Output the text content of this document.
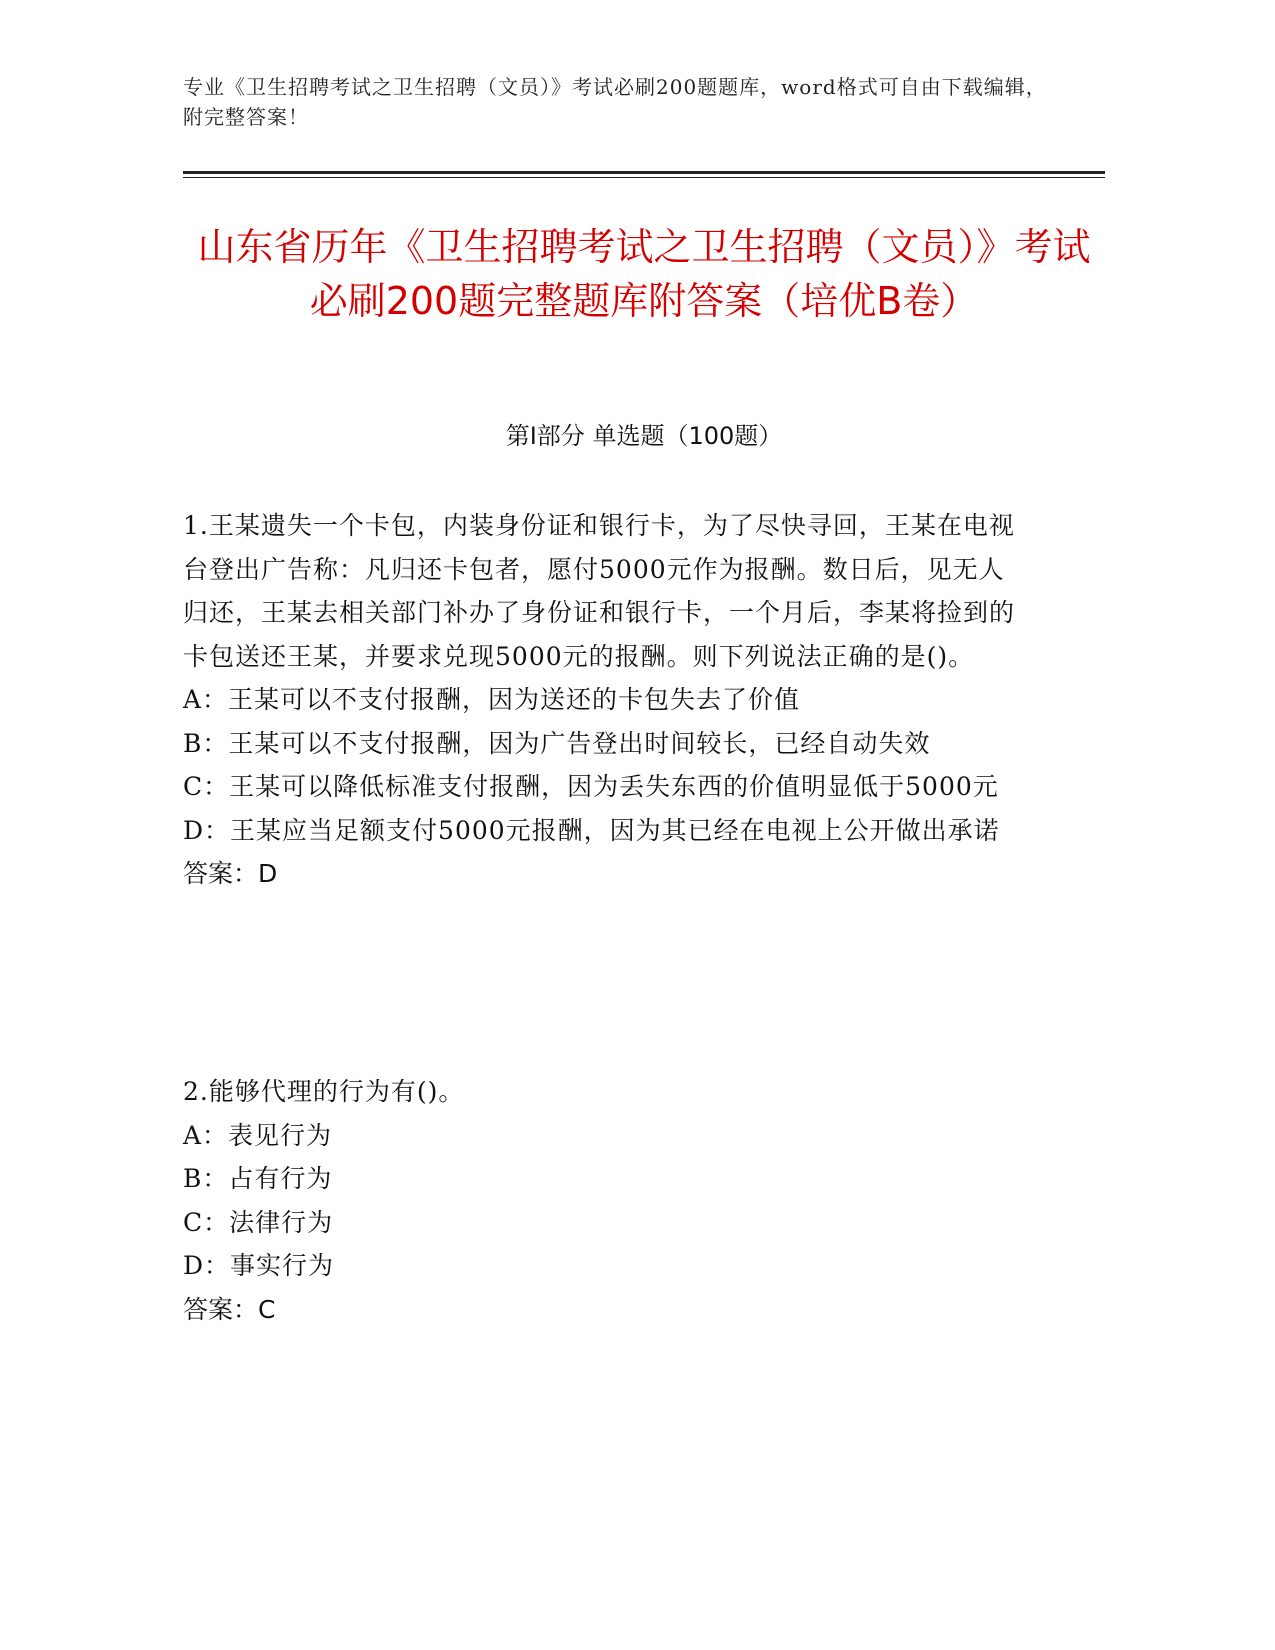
专业《卫生招聘考试之卫生招聘（文员）》考试必刷200题题库，word格式可自由下载编辑，附完整答案！
山东省历年《卫生招聘考试之卫生招聘（文员）》考试必刷200题完整题库附答案（培优B卷）
第I部分 单选题（100题）

1.王某遗失一个卡包，内装身份证和银行卡，为了尽快寻回，王某在电视台登出广告称：凡归还卡包者，愿付5000元作为报酬。数日后，见无人归还，王某去相关部门补办了身份证和银行卡，一个月后，李某将捡到的卡包送还王某，并要求兑现5000元的报酬。则下列说法正确的是()。

A：王某可以不支付报酬，因为送还的卡包失去了价值

B：王某可以不支付报酬，因为广告登出时间较长，已经自动失效

C：王某可以降低标准支付报酬，因为丢失东西的价值明显低于5000元

D：王某应当足额支付5000元报酬，因为其已经在电视上公开做出承诺

答案：D

2.能够代理的行为有()。

A：表见行为

B：占有行为

C：法律行为

D：事实行为

答案：C
